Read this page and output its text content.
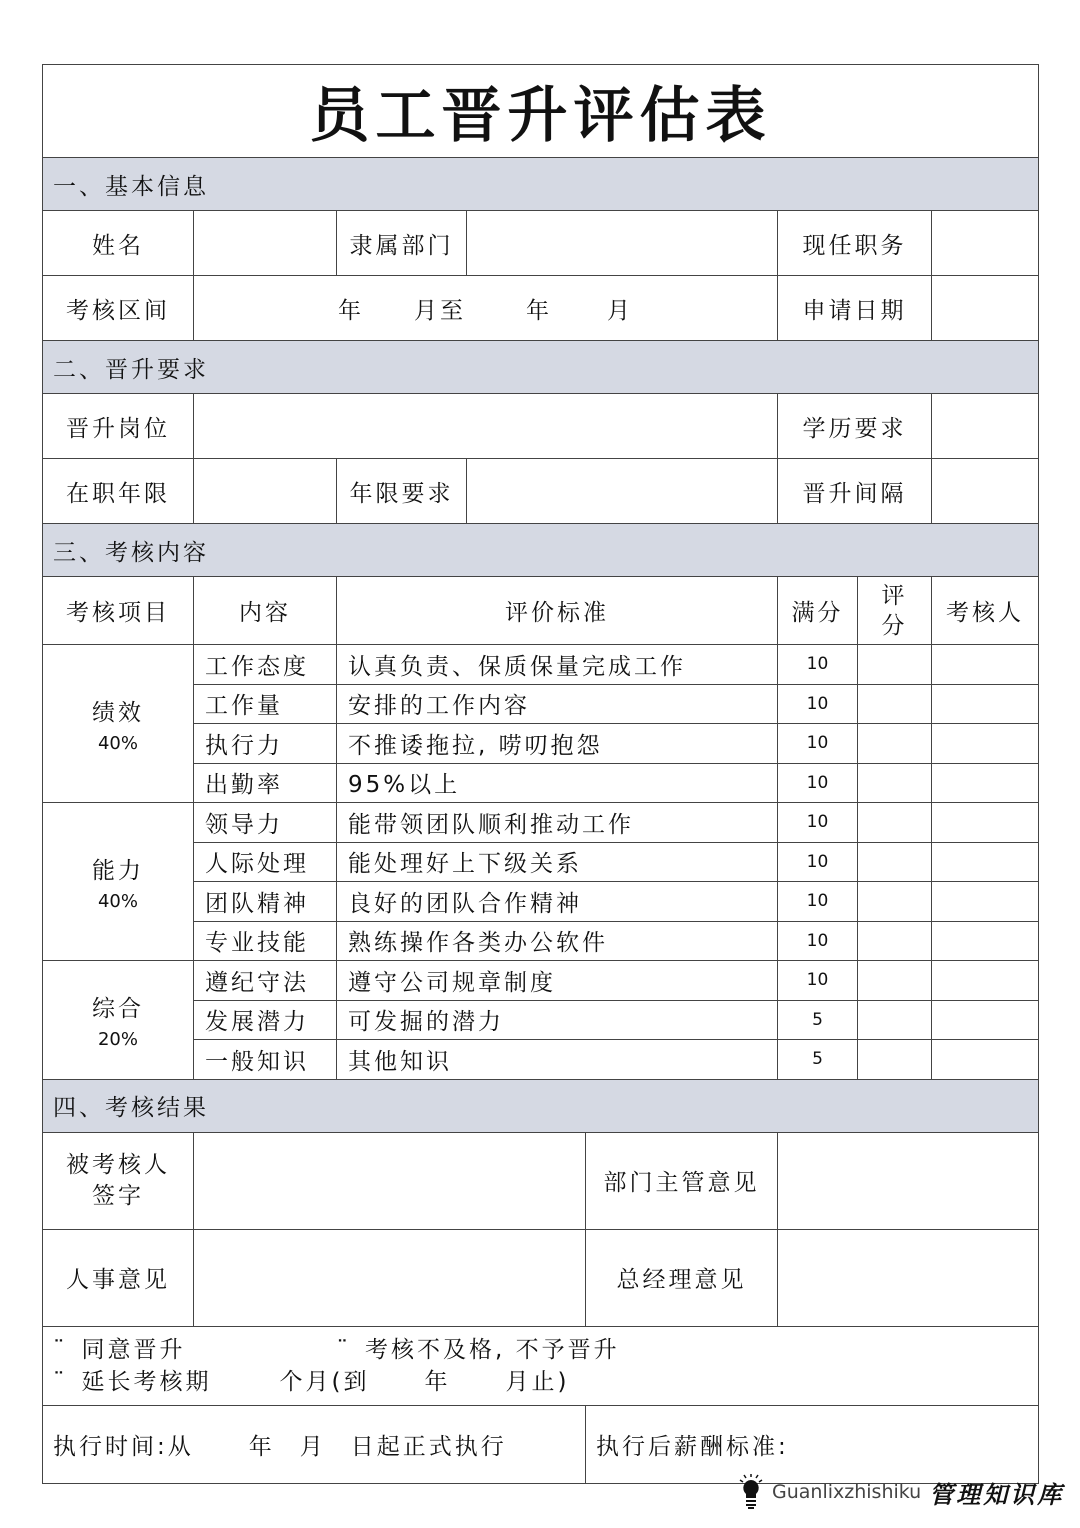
员工晋升评估表						
一、基本信息						
姓名		隶属部门		现任职务		
考核区间	年 月至 年 月			申请日期		
二、晋升要求						
晋升岗位				学历要求		
在职年限		年限要求		晋升间隔		
三、考核内容						
考核项目	内容	评价标准		满分	评分	考核人
绩效
40%	工作态度	认真负责、保质保量完成工作		10		
	工作量	安排的工作内容		10		
	执行力	不推诿拖拉, 唠叨抱怨		10		
	出勤率	95%以上		10		
能力
40%	领导力	能带领团队顺利推动工作		10		
	人际处理	能处理好上下级关系		10		
	团队精神	良好的团队合作精神		10		
	专业技能	熟练操作各类办公软件		10		
综合
20%	遵纪守法	遵守公司规章制度		10		
	发展潜力	可发掘的潜力		5		
	一般知识	其他知识		5		
四、考核结果			
被考核人签字		部门主管意见	
人事意见		总经理意见	

¨ 同意晋升 ¨ 考核不及格, 不予晋升
¨ 延长考核期 个月(到 年 月止)			

执行时间:从 年 月 日起正式执行		执行后薪酬标准:	
Guanlixzhishiku 管理知识库
